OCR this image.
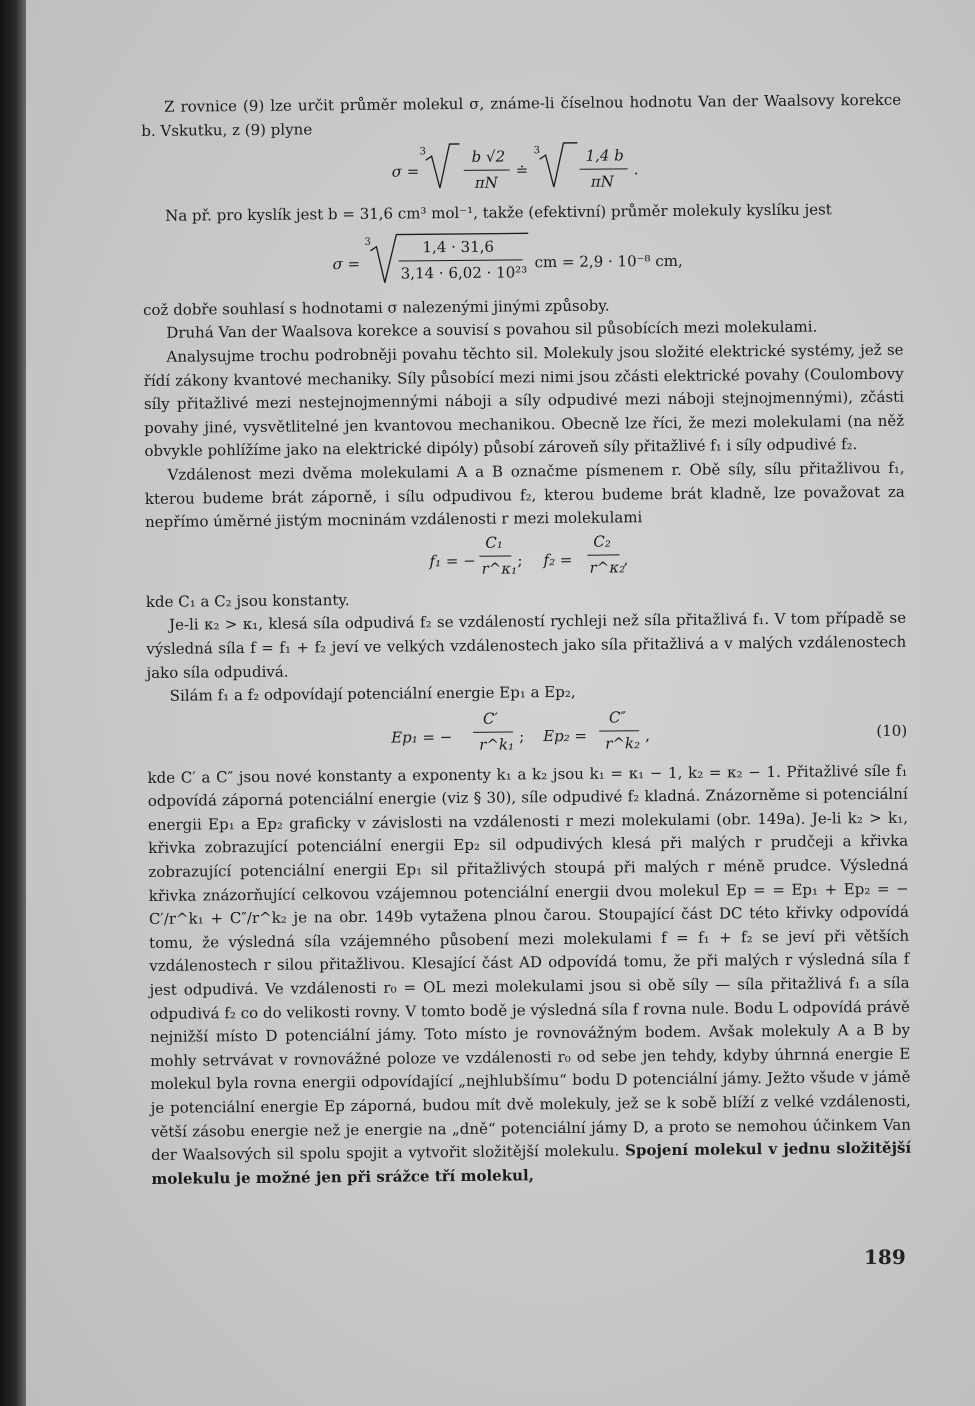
Z rovnice (9) lze určit průměr molekul σ, známe-li číselnou hodnotu Van der Waalsovy korekce b. Vskutku, z (9) plyne

σ =
3	b √2
πN
≐
3	1,4 b
πN
.

Na př. pro kyslík jest b = 31,6 cm³ mol⁻¹, takže (efektivní) průměr molekuly kyslíku jest

σ =
3	1,4 · 31,6
3,14 · 6,02 · 10²³
cm = 2,9 · 10⁻⁸ cm,

což dobře souhlasí s hodnotami σ nalezenými jinými způsoby.

Druhá Van der Waalsova korekce a souvisí s povahou sil působících mezi molekulami.

Analysujme trochu podrobněji povahu těchto sil. Molekuly jsou složité elektrické systémy, jež se řídí zákony kvantové mechaniky. Síly působící mezi nimi jsou zčásti elektrické povahy (Coulombovy síly přitažlivé mezi nestejnojmennými náboji a síly odpudivé mezi náboji stejnojmennými), zčásti povahy jiné, vysvětlitelné jen kvantovou mechanikou. Obecně lze říci, že mezi molekulami (na něž obvykle pohlížíme jako na elektrické dipóly) působí zároveň síly přitažlivé f₁ i síly odpudivé f₂.

Vzdálenost mezi dvěma molekulami A a B označme písmenem r. Obě síly, sílu přitažlivou f₁, kterou budeme brát záporně, i sílu odpudivou f₂, kterou budeme brát kladně, lze považovat za nepřímo úměrné jistým mocninám vzdálenosti r mezi molekulami

f₁ = −
C₁
r^κ₁ ; f₂ =
C₂
r^κ₂
,

kde C₁ a C₂ jsou konstanty.

Je-li κ₂ > κ₁, klesá síla odpudivá f₂ se vzdáleností rychleji než síla přitažlivá f₁. V tom případě se výsledná síla f = f₁ + f₂ jeví ve velkých vzdálenostech jako síla přitažlivá a v malých vzdálenostech jako síla odpudivá.

Silám f₁ a f₂ odpovídají potenciální energie Ep₁ a Ep₂,

Ep₁ = −
C′
r^k₁ ; Ep₂ =
C″
r^k₂ ,	(10)

kde C′ a C″ jsou nové konstanty a exponenty k₁ a k₂ jsou k₁ = κ₁ − 1, k₂ = κ₂ − 1. Přitažlivé síle f₁ odpovídá záporná potenciální energie (viz § 30), síle odpudivé f₂ kladná. Znázorněme si potenciální energii Ep₁ a Ep₂ graficky v závislosti na vzdálenosti r mezi molekulami (obr. 149a). Je-li k₂ > k₁, křivka zobrazující potenciální energii Ep₂ sil odpudivých klesá při malých r prudčeji a křivka zobrazující potenciální energii Ep₁ sil přitažlivých stoupá při malých r méně prudce. Výsledná křivka znázorňující celkovou vzájemnou potenciální energii dvou molekul Ep = = Ep₁ + Ep₂ = − C′/r^k₁ + C″/r^k₂ je na obr. 149b vytažena plnou čarou. Stoupající část DC této křivky odpovídá tomu, že výsledná síla vzájemného působení mezi molekulami f = f₁ + f₂ se jeví při větších vzdálenostech r silou přitažlivou. Klesající část AD odpovídá tomu, že při malých r výsledná síla f jest odpudivá. Ve vzdálenosti r₀ = OL mezi molekulami jsou si obě síly — síla přitažlivá f₁ a síla odpudivá f₂ co do velikosti rovny. V tomto bodě je výsledná síla f rovna nule. Bodu L odpovídá právě nejnižší místo D potenciální jámy. Toto místo je rovnovážným bodem. Avšak molekuly A a B by mohly setrvávat v rovnovážné poloze ve vzdálenosti r₀ od sebe jen tehdy, kdyby úhrnná energie E molekul byla rovna energii odpovídající „nejhlubšímu“ bodu D potenciální jámy. Ježto všude v jámě je potenciální energie Ep záporná, budou mít dvě molekuly, jež se k sobě blíží z velké vzdálenosti, větší zásobu energie než je energie na „dně“ potenciální jámy D, a proto se nemohou účinkem Van der Waalsových sil spolu spojit a vytvořit složitější molekulu. Spojení molekul v jednu složitější molekulu je možné jen při srážce tří molekul,

189
